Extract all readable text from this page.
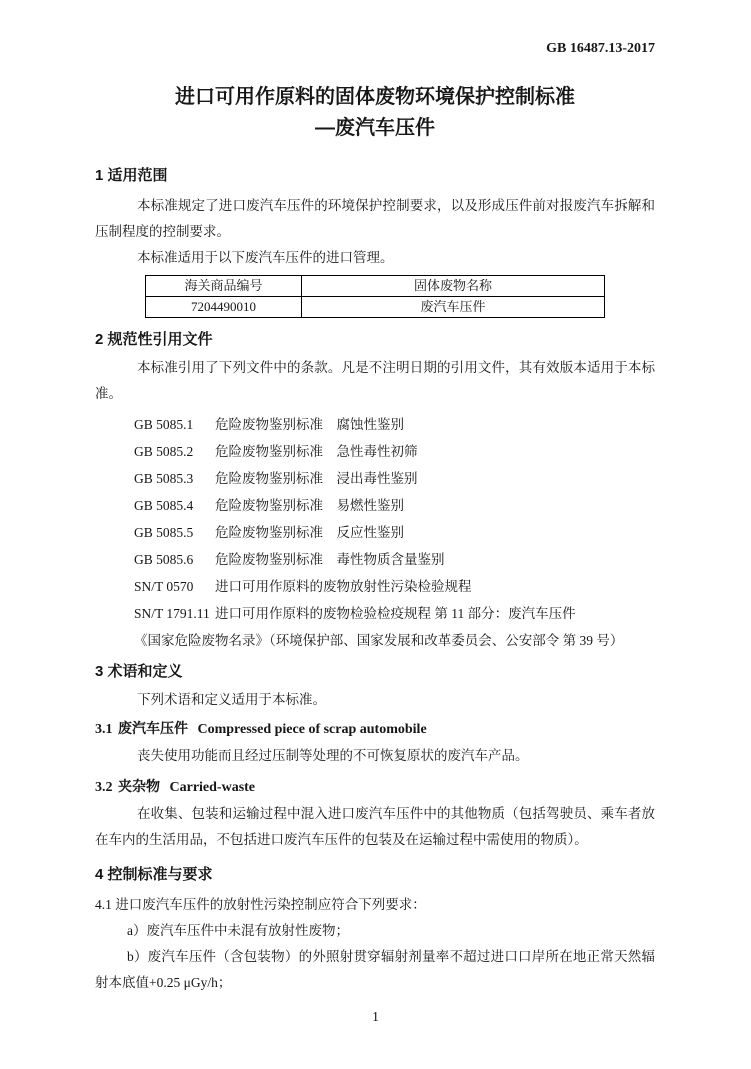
GB 16487.13-2017
进口可用作原料的固体废物环境保护控制标准
—废汽车压件
1 适用范围

本标准规定了进口废汽车压件的环境保护控制要求，以及形成压件前对报废汽车拆解和压制程度的控制要求。

本标准适用于以下废汽车压件的进口管理。

海关商品编号	固体废物名称
7204490010	废汽车压件
2 规范性引用文件

本标准引用了下列文件中的条款。凡是不注明日期的引用文件，其有效版本适用于本标准。

GB 5085.1 危险废物鉴别标准　腐蚀性鉴别
GB 5085.2 危险废物鉴别标准　急性毒性初筛
GB 5085.3 危险废物鉴别标准　浸出毒性鉴别
GB 5085.4 危险废物鉴别标准　易燃性鉴别
GB 5085.5 危险废物鉴别标准　反应性鉴别
GB 5085.6 危险废物鉴别标准　毒性物质含量鉴别
SN/T 0570 进口可用作原料的废物放射性污染检验规程
SN/T 1791.11 进口可用作原料的废物检验检疫规程 第 11 部分：废汽车压件
《国家危险废物名录》（环境保护部、国家发展和改革委员会、公安部令 第 39 号）
3 术语和定义

下列术语和定义适用于本标准。

3.1 废汽车压件 Compressed piece of scrap automobile

丧失使用功能而且经过压制等处理的不可恢复原状的废汽车产品。

3.2 夹杂物 Carried-waste

在收集、包装和运输过程中混入进口废汽车压件中的其他物质（包括驾驶员、乘车者放在车内的生活用品，不包括进口废汽车压件的包装及在运输过程中需使用的物质）。

4 控制标准与要求

4.1 进口废汽车压件的放射性污染控制应符合下列要求：

a）废汽车压件中未混有放射性废物；

b）废汽车压件（含包装物）的外照射贯穿辐射剂量率不超过进口口岸所在地正常天然辐射本底值+0.25 μGy/h；

1
